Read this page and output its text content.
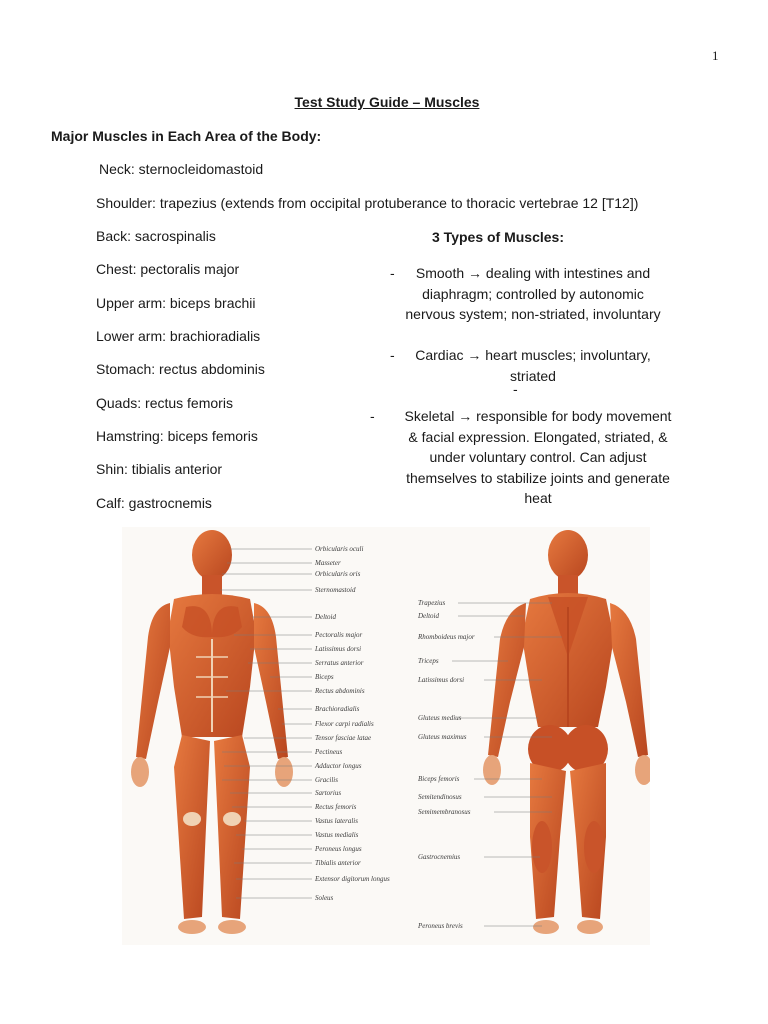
1
Test Study Guide – Muscles
Major Muscles in Each Area of the Body:
Neck: sternocleidomastoid
Shoulder: trapezius (extends from occipital protuberance to thoracic vertebrae 12 [T12])
Back: sacrospinalis
Chest: pectoralis major
Upper arm: biceps brachii
Lower arm: brachioradialis
Stomach: rectus abdominis
Quads: rectus femoris
Hamstring: biceps femoris
Shin: tibialis anterior
Calf: gastrocnemis
3 Types of Muscles:
-	Smooth → dealing with intestines and
diaphragm; controlled by autonomic
nervous system; non-striated, involuntary
-	Cardiac → heart muscles; involuntary,
striated
-
-	Skeletal → responsible for body movement
& facial expression. Elongated, striated, &
under voluntary control. Can adjust
themselves to stabilize joints and generate
heat
Orbicularis oculi
Masseter
Orbicularis oris
Sternomastoid
Deltoid
Pectoralis major
Latissimus dorsi
Serratus anterior
Biceps
Rectus abdominis
Brachioradialis
Flexor carpi radialis
Tensor fasciae latae
Pectineus
Adductor longus
Gracilis
Sartorius
Rectus femoris
Vastus lateralis
Vastus medialis
Peroneus longus
Tibialis anterior
Extensor digitorum longus
Soleus
Trapezius
Deltoid
Rhomboideus major
Triceps
Latissimus dorsi
Gluteus medius
Gluteus maximus
Biceps femoris
Semitendinosus
Semimembranosus
Gastrocnemius
Peroneus brevis
